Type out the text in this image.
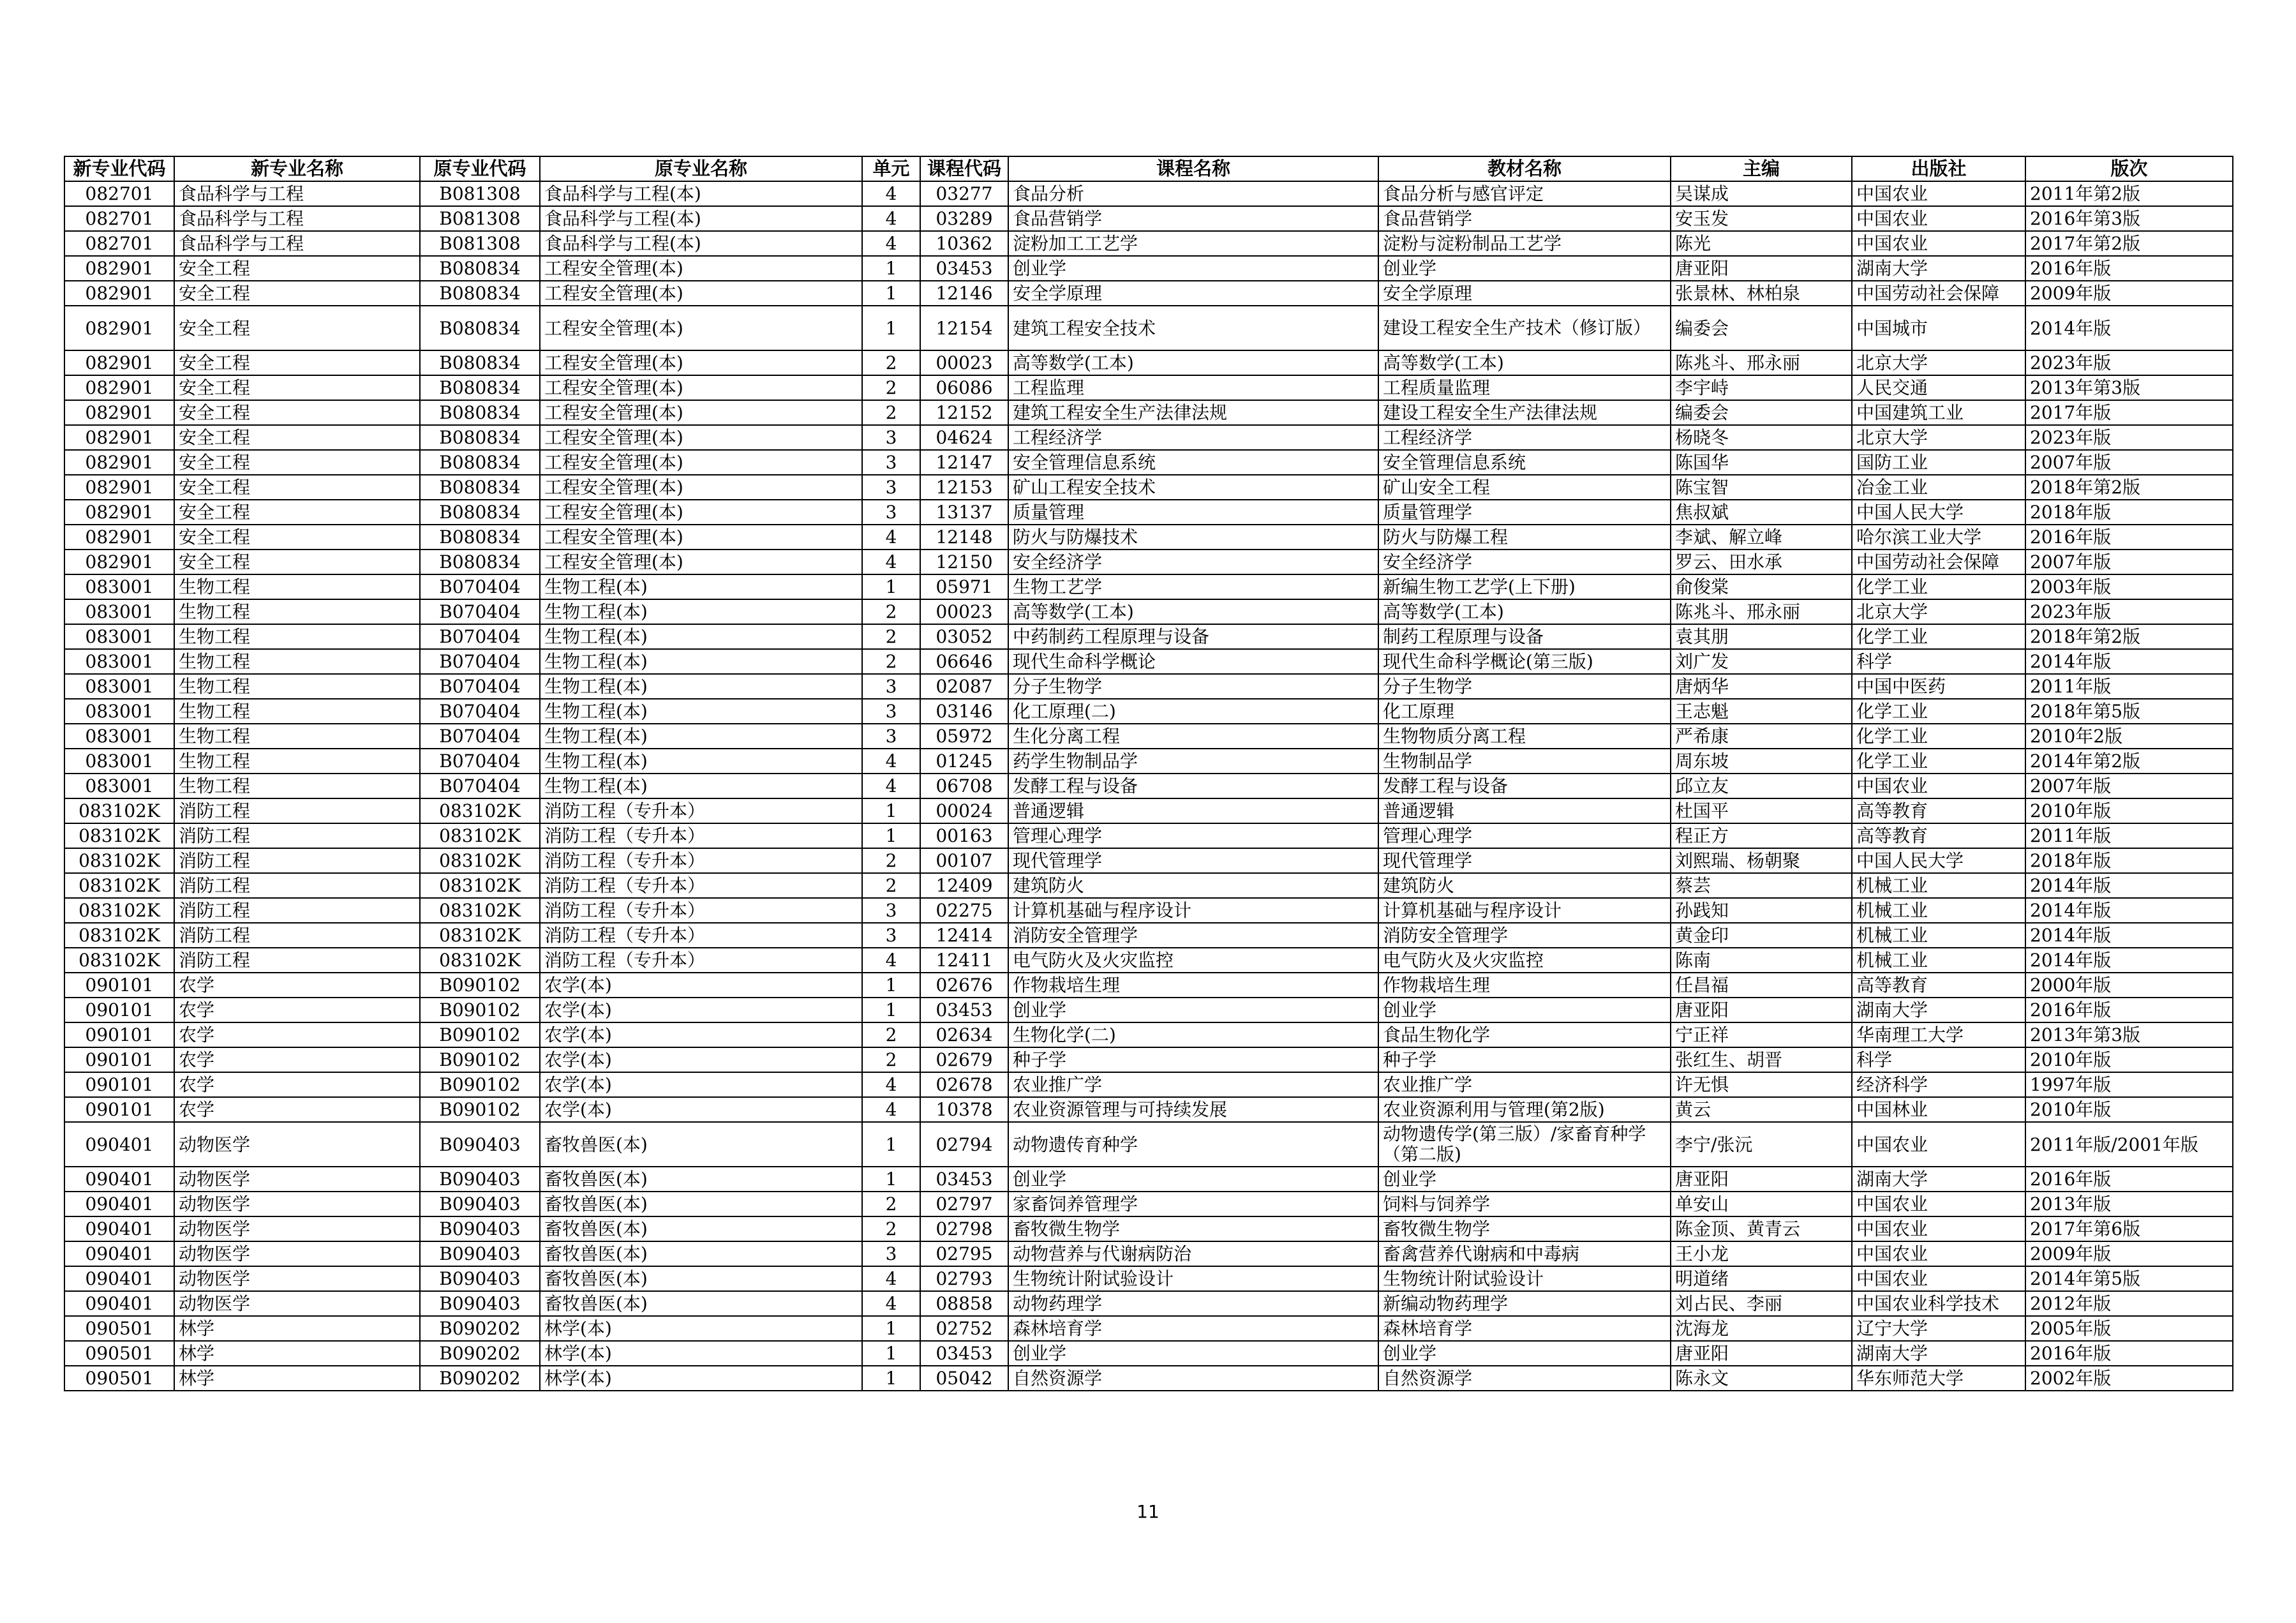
新专业代码	新专业名称	原专业代码	原专业名称	单元	课程代码	课程名称	教材名称	主编	出版社	版次
082701	食品科学与工程	B081308	食品科学与工程(本)	4	03277	食品分析	食品分析与感官评定	吴谋成	中国农业	2011年第2版
082701	食品科学与工程	B081308	食品科学与工程(本)	4	03289	食品营销学	食品营销学	安玉发	中国农业	2016年第3版
082701	食品科学与工程	B081308	食品科学与工程(本)	4	10362	淀粉加工工艺学	淀粉与淀粉制品工艺学	陈光	中国农业	2017年第2版
082901	安全工程	B080834	工程安全管理(本)	1	03453	创业学	创业学	唐亚阳	湖南大学	2016年版
082901	安全工程	B080834	工程安全管理(本)	1	12146	安全学原理	安全学原理	张景林、林柏泉	中国劳动社会保障	2009年版
082901	安全工程	B080834	工程安全管理(本)	1	12154	建筑工程安全技术	建设工程安全生产技术（修订版）	编委会	中国城市	2014年版
082901	安全工程	B080834	工程安全管理(本)	2	00023	高等数学(工本)	高等数学(工本)	陈兆斗、邢永丽	北京大学	2023年版
082901	安全工程	B080834	工程安全管理(本)	2	06086	工程监理	工程质量监理	李宇峙	人民交通	2013年第3版
082901	安全工程	B080834	工程安全管理(本)	2	12152	建筑工程安全生产法律法规	建设工程安全生产法律法规	编委会	中国建筑工业	2017年版
082901	安全工程	B080834	工程安全管理(本)	3	04624	工程经济学	工程经济学	杨晓冬	北京大学	2023年版
082901	安全工程	B080834	工程安全管理(本)	3	12147	安全管理信息系统	安全管理信息系统	陈国华	国防工业	2007年版
082901	安全工程	B080834	工程安全管理(本)	3	12153	矿山工程安全技术	矿山安全工程	陈宝智	冶金工业	2018年第2版
082901	安全工程	B080834	工程安全管理(本)	3	13137	质量管理	质量管理学	焦叔斌	中国人民大学	2018年版
082901	安全工程	B080834	工程安全管理(本)	4	12148	防火与防爆技术	防火与防爆工程	李斌、解立峰	哈尔滨工业大学	2016年版
082901	安全工程	B080834	工程安全管理(本)	4	12150	安全经济学	安全经济学	罗云、田水承	中国劳动社会保障	2007年版
083001	生物工程	B070404	生物工程(本)	1	05971	生物工艺学	新编生物工艺学(上下册)	俞俊棠	化学工业	2003年版
083001	生物工程	B070404	生物工程(本)	2	00023	高等数学(工本)	高等数学(工本)	陈兆斗、邢永丽	北京大学	2023年版
083001	生物工程	B070404	生物工程(本)	2	03052	中药制药工程原理与设备	制药工程原理与设备	袁其朋	化学工业	2018年第2版
083001	生物工程	B070404	生物工程(本)	2	06646	现代生命科学概论	现代生命科学概论(第三版)	刘广发	科学	2014年版
083001	生物工程	B070404	生物工程(本)	3	02087	分子生物学	分子生物学	唐炳华	中国中医药	2011年版
083001	生物工程	B070404	生物工程(本)	3	03146	化工原理(二)	化工原理	王志魁	化学工业	2018年第5版
083001	生物工程	B070404	生物工程(本)	3	05972	生化分离工程	生物物质分离工程	严希康	化学工业	2010年2版
083001	生物工程	B070404	生物工程(本)	4	01245	药学生物制品学	生物制品学	周东坡	化学工业	2014年第2版
083001	生物工程	B070404	生物工程(本)	4	06708	发酵工程与设备	发酵工程与设备	邱立友	中国农业	2007年版
083102K	消防工程	083102K	消防工程（专升本）	1	00024	普通逻辑	普通逻辑	杜国平	高等教育	2010年版
083102K	消防工程	083102K	消防工程（专升本）	1	00163	管理心理学	管理心理学	程正方	高等教育	2011年版
083102K	消防工程	083102K	消防工程（专升本）	2	00107	现代管理学	现代管理学	刘熙瑞、杨朝聚	中国人民大学	2018年版
083102K	消防工程	083102K	消防工程（专升本）	2	12409	建筑防火	建筑防火	蔡芸	机械工业	2014年版
083102K	消防工程	083102K	消防工程（专升本）	3	02275	计算机基础与程序设计	计算机基础与程序设计	孙践知	机械工业	2014年版
083102K	消防工程	083102K	消防工程（专升本）	3	12414	消防安全管理学	消防安全管理学	黄金印	机械工业	2014年版
083102K	消防工程	083102K	消防工程（专升本）	4	12411	电气防火及火灾监控	电气防火及火灾监控	陈南	机械工业	2014年版
090101	农学	B090102	农学(本)	1	02676	作物栽培生理	作物栽培生理	任昌福	高等教育	2000年版
090101	农学	B090102	农学(本)	1	03453	创业学	创业学	唐亚阳	湖南大学	2016年版
090101	农学	B090102	农学(本)	2	02634	生物化学(二)	食品生物化学	宁正祥	华南理工大学	2013年第3版
090101	农学	B090102	农学(本)	2	02679	种子学	种子学	张红生、胡晋	科学	2010年版
090101	农学	B090102	农学(本)	4	02678	农业推广学	农业推广学	许无惧	经济科学	1997年版
090101	农学	B090102	农学(本)	4	10378	农业资源管理与可持续发展	农业资源利用与管理(第2版)	黄云	中国林业	2010年版
090401	动物医学	B090403	畜牧兽医(本)	1	02794	动物遗传育种学	动物遗传学(第三版）/家畜育种学（第二版)	李宁/张沅	中国农业	2011年版/2001年版
090401	动物医学	B090403	畜牧兽医(本)	1	03453	创业学	创业学	唐亚阳	湖南大学	2016年版
090401	动物医学	B090403	畜牧兽医(本)	2	02797	家畜饲养管理学	饲料与饲养学	单安山	中国农业	2013年版
090401	动物医学	B090403	畜牧兽医(本)	2	02798	畜牧微生物学	畜牧微生物学	陈金顶、黄青云	中国农业	2017年第6版
090401	动物医学	B090403	畜牧兽医(本)	3	02795	动物营养与代谢病防治	畜禽营养代谢病和中毒病	王小龙	中国农业	2009年版
090401	动物医学	B090403	畜牧兽医(本)	4	02793	生物统计附试验设计	生物统计附试验设计	明道绪	中国农业	2014年第5版
090401	动物医学	B090403	畜牧兽医(本)	4	08858	动物药理学	新编动物药理学	刘占民、李丽	中国农业科学技术	2012年版
090501	林学	B090202	林学(本)	1	02752	森林培育学	森林培育学	沈海龙	辽宁大学	2005年版
090501	林学	B090202	林学(本)	1	03453	创业学	创业学	唐亚阳	湖南大学	2016年版
090501	林学	B090202	林学(本)	1	05042	自然资源学	自然资源学	陈永文	华东师范大学	2002年版
11
